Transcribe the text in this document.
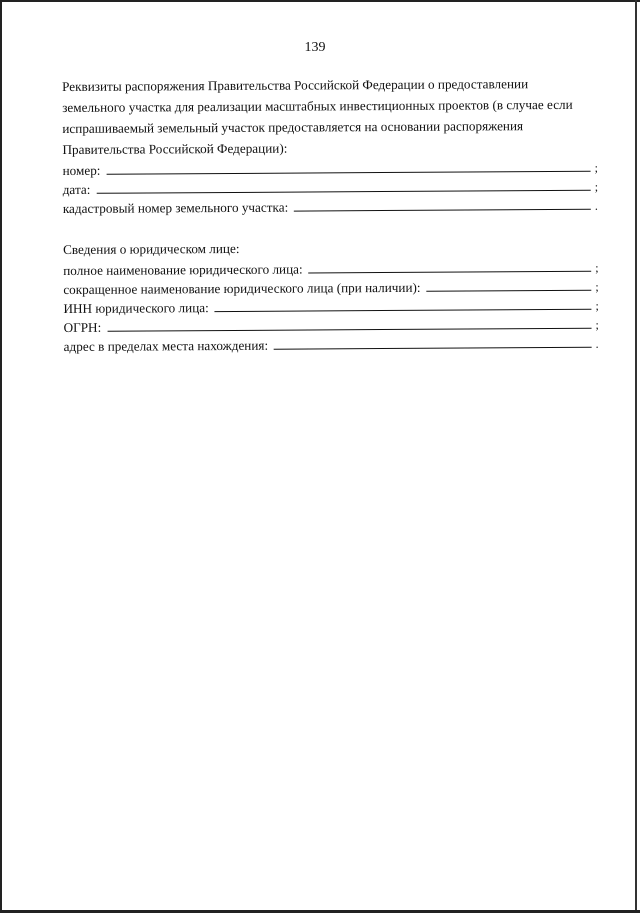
139

Реквизиты распоряжения Правительства Российской Федерации о предоставлении

земельного участка для реализации масштабных инвестиционных проектов (в случае если

испрашиваемый земельный участок предоставляется на основании распоряжения

Правительства Российской Федерации):

номер:	;
дата:	;
кадастровый номер земельного участка:	.

Сведения о юридическом лице:

полное наименование юридического лица:	;
сокращенное наименование юридического лица (при наличии):	;
ИНН юридического лица:	;
ОГРН:	;
адрес в пределах места нахождения:	.
